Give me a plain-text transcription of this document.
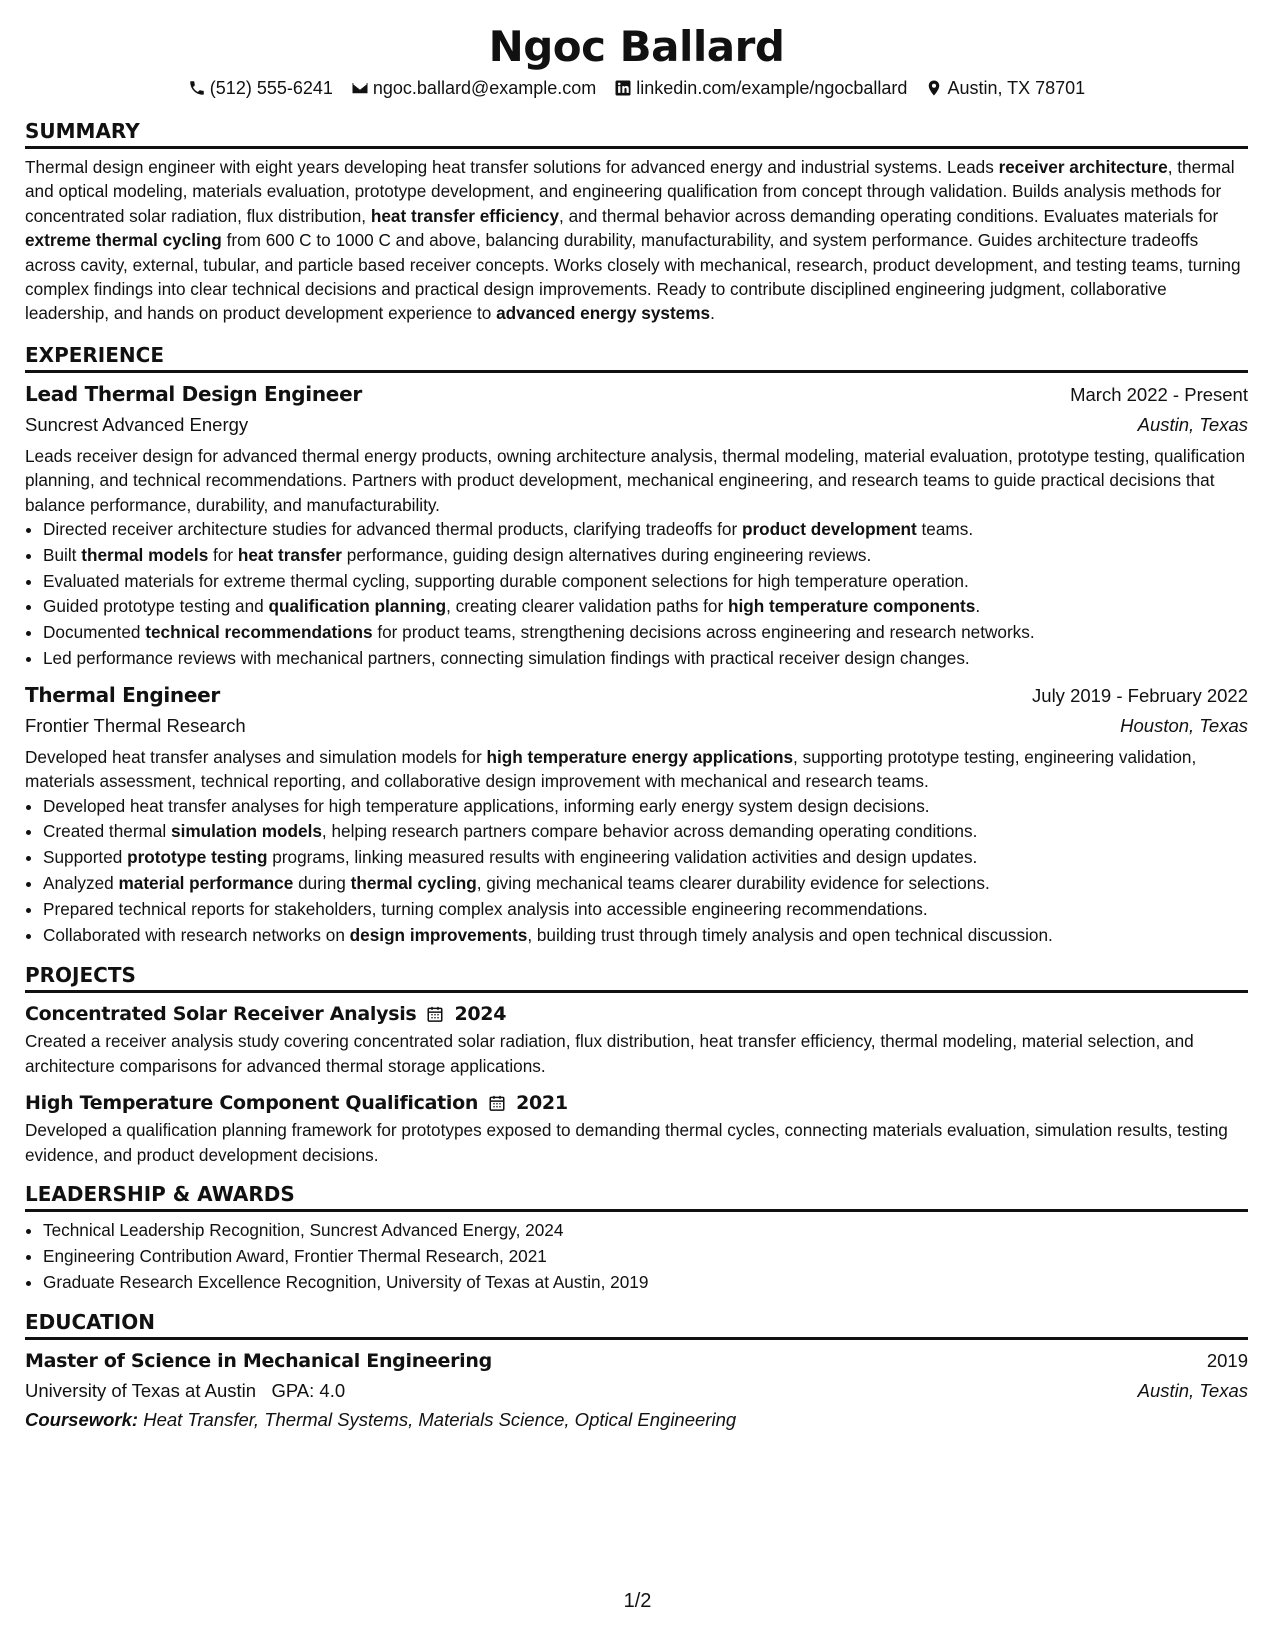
Ngoc Ballard
(512) 555-6241 ngoc.ballard@example.com linkedin.com/example/ngocballard Austin, TX 78701
SUMMARY

Thermal design engineer with eight years developing heat transfer solutions for advanced energy and industrial systems. Leads receiver architecture, thermal and optical modeling, materials evaluation, prototype development, and engineering qualification from concept through validation. Builds analysis methods for concentrated solar radiation, flux distribution, heat transfer efficiency, and thermal behavior across demanding operating conditions. Evaluates materials for extreme thermal cycling from 600 C to 1000 C and above, balancing durability, manufacturability, and system performance. Guides architecture tradeoffs across cavity, external, tubular, and particle based receiver concepts. Works closely with mechanical, research, product development, and testing teams, turning complex findings into clear technical decisions and practical design improvements. Ready to contribute disciplined engineering judgment, collaborative leadership, and hands on product development experience to advanced energy systems.

EXPERIENCE
Lead Thermal Design Engineer	March 2022 - Present
Suncrest Advanced Energy	Austin, Texas

Leads receiver design for advanced thermal energy products, owning architecture analysis, thermal modeling, material evaluation, prototype testing, qualification planning, and technical recommendations. Partners with product development, mechanical engineering, and research teams to guide practical decisions that balance performance, durability, and manufacturability.

• Directed receiver architecture studies for advanced thermal products, clarifying tradeoffs for product development teams.
• Built thermal models for heat transfer performance, guiding design alternatives during engineering reviews.
• Evaluated materials for extreme thermal cycling, supporting durable component selections for high temperature operation.
• Guided prototype testing and qualification planning, creating clearer validation paths for high temperature components.
• Documented technical recommendations for product teams, strengthening decisions across engineering and research networks.
• Led performance reviews with mechanical partners, connecting simulation findings with practical receiver design changes.
Thermal Engineer	July 2019 - February 2022
Frontier Thermal Research	Houston, Texas

Developed heat transfer analyses and simulation models for high temperature energy applications, supporting prototype testing, engineering validation, materials assessment, technical reporting, and collaborative design improvement with mechanical and research teams.

• Developed heat transfer analyses for high temperature applications, informing early energy system design decisions.
• Created thermal simulation models, helping research partners compare behavior across demanding operating conditions.
• Supported prototype testing programs, linking measured results with engineering validation activities and design updates.
• Analyzed material performance during thermal cycling, giving mechanical teams clearer durability evidence for selections.
• Prepared technical reports for stakeholders, turning complex analysis into accessible engineering recommendations.
• Collaborated with research networks on design improvements, building trust through timely analysis and open technical discussion.
PROJECTS
Concentrated Solar Receiver Analysis 2024

Created a receiver analysis study covering concentrated solar radiation, flux distribution, heat transfer efficiency, thermal modeling, material selection, and architecture comparisons for advanced thermal storage applications.

High Temperature Component Qualification 2021

Developed a qualification planning framework for prototypes exposed to demanding thermal cycles, connecting materials evaluation, simulation results, testing evidence, and product development decisions.

LEADERSHIP & AWARDS
• Technical Leadership Recognition, Suncrest Advanced Energy, 2024
• Engineering Contribution Award, Frontier Thermal Research, 2021
• Graduate Research Excellence Recognition, University of Texas at Austin, 2019
EDUCATION
Master of Science in Mechanical Engineering	2019
University of Texas at Austin GPA: 4.0	Austin, Texas
Coursework: Heat Transfer, Thermal Systems, Materials Science, Optical Engineering
1/2
